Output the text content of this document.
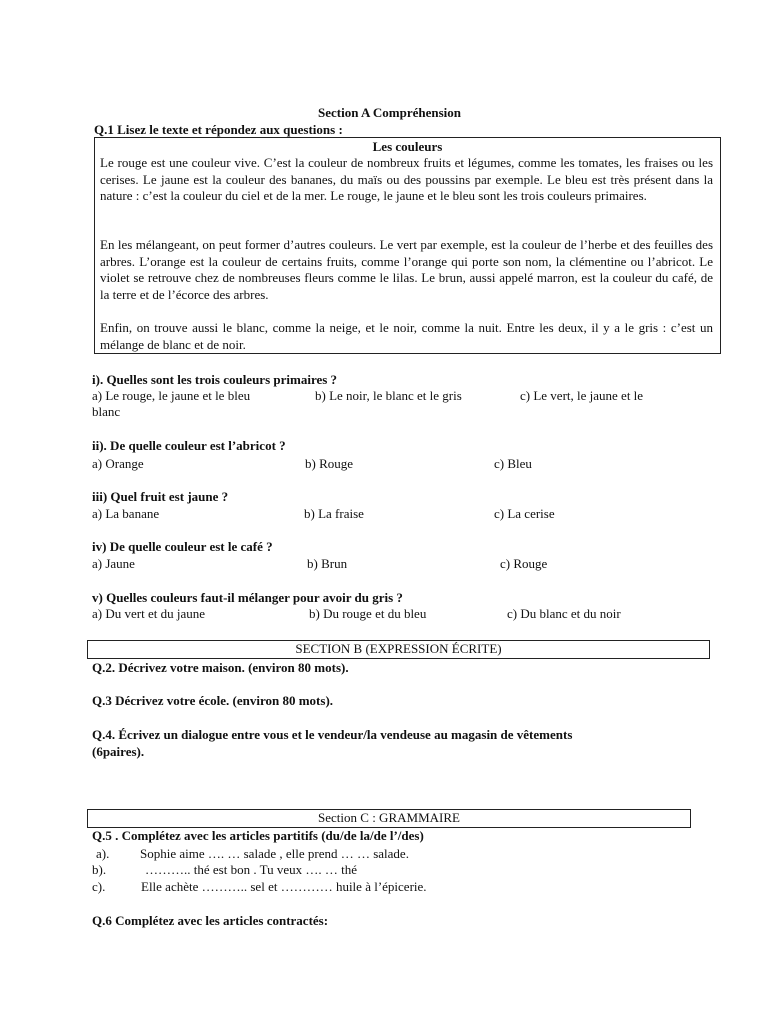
Section A Compréhension
Q.1 Lisez le texte et répondez aux questions :
Les couleurs
Le rouge est une couleur vive. C’est la couleur de nombreux fruits et légumes, comme les tomates, les fraises ou les cerises. Le jaune est la couleur des bananes, du maïs ou des poussins par exemple. Le bleu est très présent dans la nature : c’est la couleur du ciel et de la mer. Le rouge, le jaune et le bleu sont les trois couleurs primaires.
En les mélangeant, on peut former d’autres couleurs. Le vert par exemple, est la couleur de l’herbe et des feuilles des arbres. L’orange est la couleur de certains fruits, comme l’orange qui porte son nom, la clémentine ou l’abricot. Le violet se retrouve chez de nombreuses fleurs comme le lilas. Le brun, aussi appelé marron, est la couleur du café, de la terre et de l’écorce des arbres.
Enfin, on trouve aussi le blanc, comme la neige, et le noir, comme la nuit. Entre les deux, il y a le gris : c’est un mélange de blanc et de noir.
i). Quelles sont les trois couleurs primaires ?
a) Le rouge, le jaune et le bleu	b) Le noir, le blanc et le gris	c) Le vert, le jaune et le
blanc
ii). De quelle couleur est l’abricot ?
a) Orange	b) Rouge	c) Bleu
iii) Quel fruit est jaune ?
a) La banane	b) La fraise	c) La cerise
iv) De quelle couleur est le café ?
a) Jaune	b) Brun	c) Rouge
v) Quelles couleurs faut-il mélanger pour avoir du gris ?
a) Du vert et du jaune	b) Du rouge et du bleu	c) Du blanc et du noir
SECTION B (EXPRESSION ÉCRITE)
Q.2. Décrivez votre maison. (environ 80 mots).
Q.3 Décrivez votre école. (environ 80 mots).
Q.4. Écrivez un dialogue entre vous et le vendeur/la vendeuse au magasin de vêtements
(6paires).
Section C : GRAMMAIRE
Q.5 . Complétez avec les articles partitifs (du/de la/de l’/des)
a). Sophie aime …. … salade , elle prend … … salade.
b).	……….. thé est bon . Tu veux …. … thé
c).	Elle achète ……….. sel et ………… huile à l’épicerie.
Q.6 Complétez avec les articles contractés:
